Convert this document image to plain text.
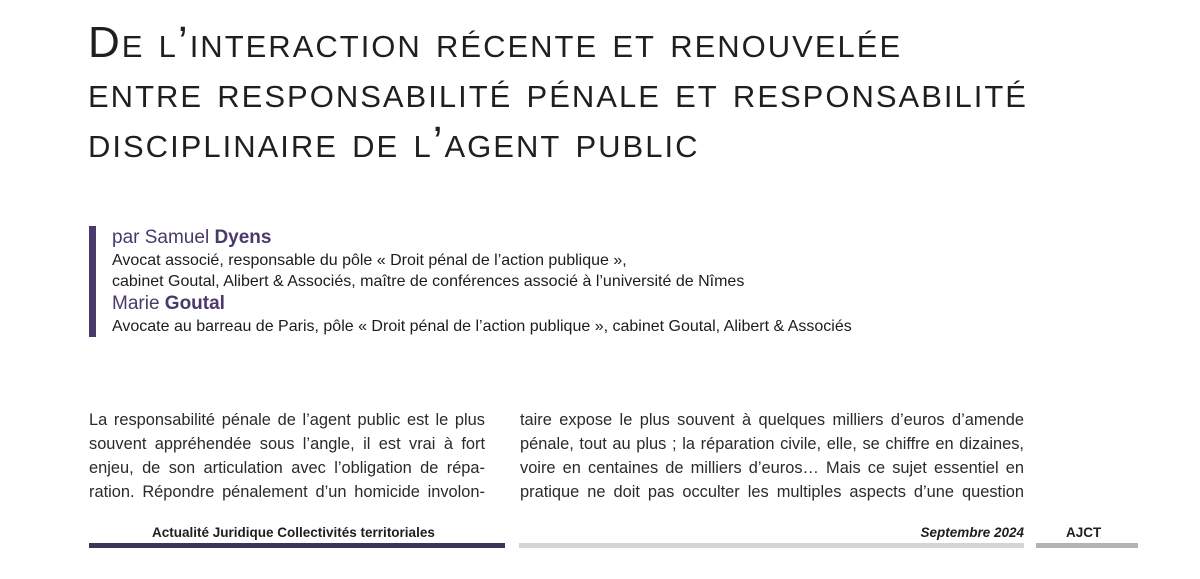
De l’interaction récente et renouvelée
entre responsabilité pénale et responsabilité
disciplinaire de l’agent public
par Samuel Dyens
Avocat associé, responsable du pôle « Droit pénal de l’action publique »,
cabinet Goutal, Alibert & Associés, maître de conférences associé à l’université de Nîmes
Marie Goutal
Avocate au barreau de Paris, pôle « Droit pénal de l’action publique », cabinet Goutal, Alibert & Associés

La responsabilité pénale de l’agent public est le plus
souvent appréhendée sous l’angle, il est vrai à fort
enjeu, de son articulation avec l’obligation de répa-
ration. Répondre pénalement d’un homicide involon-

taire expose le plus souvent à quelques milliers d’euros d’amende
pénale, tout au plus ; la réparation civile, elle, se chiffre en dizaines,
voire en centaines de milliers d’euros… Mais ce sujet essentiel en
pratique ne doit pas occulter les multiples aspects d’une question

Actualité Juridique Collectivités territoriales	Septembre 2024	AJCT
